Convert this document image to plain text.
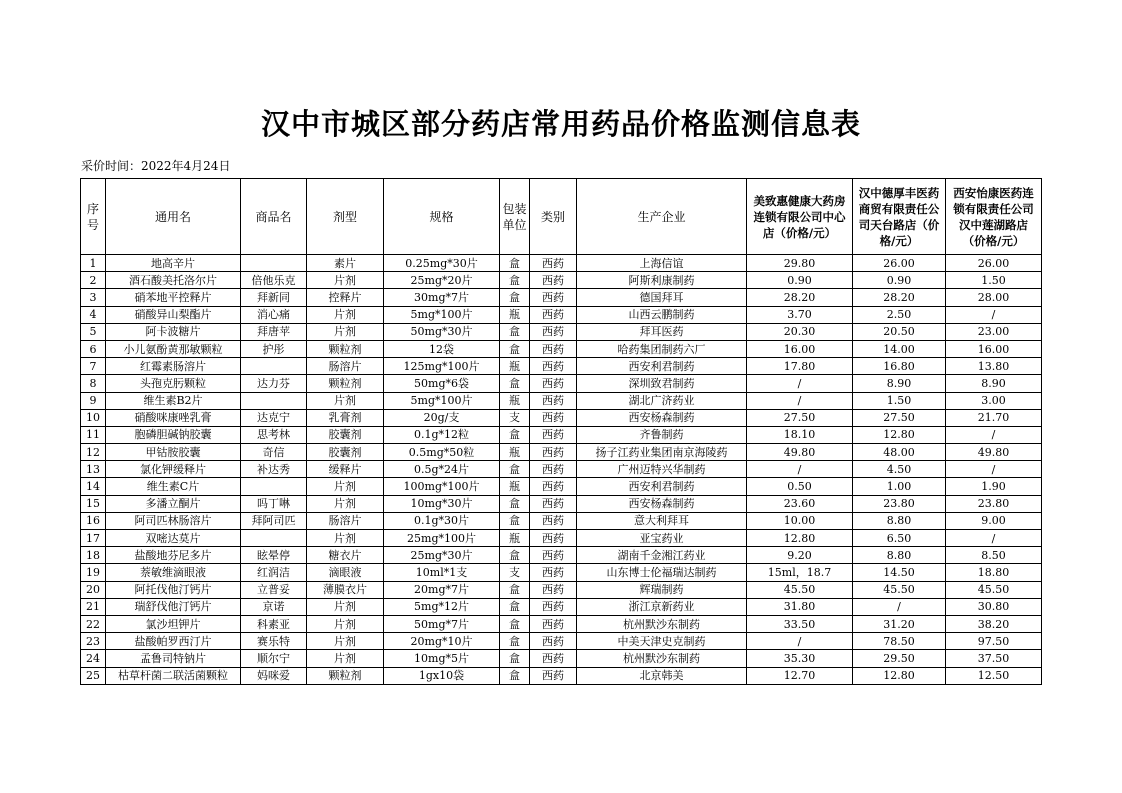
汉中市城区部分药店常用药品价格监测信息表
采价时间：2022年4月24日
序号	通用名	商品名	剂型	规格	包装单位	类别	生产企业	美致惠健康大药房连锁有限公司中心店（价格/元）	汉中德厚丰医药商贸有限责任公司天台路店（价格/元）	西安怡康医药连锁有限责任公司汉中莲湖路店（价格/元）
1	地高辛片		素片	0.25mg*30片	盒	西药	上海信谊	29.80	26.00	26.00
2	酒石酸美托洛尔片	倍他乐克	片剂	25mg*20片	盒	西药	阿斯利康制药	0.90	0.90	1.50
3	硝苯地平控释片	拜新同	控释片	30mg*7片	盒	西药	德国拜耳	28.20	28.20	28.00
4	硝酸异山梨酯片	消心痛	片剂	5mg*100片	瓶	西药	山西云鹏制药	3.70	2.50	/
5	阿卡波糖片	拜唐苹	片剂	50mg*30片	盒	西药	拜耳医药	20.30	20.50	23.00
6	小儿氨酚黄那敏颗粒	护彤	颗粒剂	12袋	盒	西药	哈药集团制药六厂	16.00	14.00	16.00
7	红霉素肠溶片		肠溶片	125mg*100片	瓶	西药	西安利君制药	17.80	16.80	13.80
8	头孢克肟颗粒	达力芬	颗粒剂	50mg*6袋	盒	西药	深圳致君制药	/	8.90	8.90
9	维生素B2片		片剂	5mg*100片	瓶	西药	湖北广济药业	/	1.50	3.00
10	硝酸咪康唑乳膏	达克宁	乳膏剂	20g/支	支	西药	西安杨森制药	27.50	27.50	21.70
11	胞磷胆碱钠胶囊	思考林	胶囊剂	0.1g*12粒	盒	西药	齐鲁制药	18.10	12.80	/
12	甲钴胺胶囊	奇信	胶囊剂	0.5mg*50粒	瓶	西药	扬子江药业集团南京海陵药	49.80	48.00	49.80
13	氯化钾缓释片	补达秀	缓释片	0.5g*24片	盒	西药	广州迈特兴华制药	/	4.50	/
14	维生素C片		片剂	100mg*100片	瓶	西药	西安利君制药	0.50	1.00	1.90
15	多潘立酮片	吗丁啉	片剂	10mg*30片	盒	西药	西安杨森制药	23.60	23.80	23.80
16	阿司匹林肠溶片	拜阿司匹	肠溶片	0.1g*30片	盒	西药	意大利拜耳	10.00	8.80	9.00
17	双嘧达莫片		片剂	25mg*100片	瓶	西药	亚宝药业	12.80	6.50	/
18	盐酸地芬尼多片	眩晕停	糖衣片	25mg*30片	盒	西药	湖南千金湘江药业	9.20	8.80	8.50
19	萘敏维滴眼液	红润洁	滴眼液	10ml*1支	支	西药	山东博士伦福瑞达制药	15ml，18.7	14.50	18.80
20	阿托伐他汀钙片	立普妥	薄膜衣片	20mg*7片	盒	西药	辉瑞制药	45.50	45.50	45.50
21	瑞舒伐他汀钙片	京诺	片剂	5mg*12片	盒	西药	浙江京新药业	31.80	/	30.80
22	氯沙坦钾片	科素亚	片剂	50mg*7片	盒	西药	杭州默沙东制药	33.50	31.20	38.20
23	盐酸帕罗西汀片	赛乐特	片剂	20mg*10片	盒	西药	中美天津史克制药	/	78.50	97.50
24	孟鲁司特钠片	顺尔宁	片剂	10mg*5片	盒	西药	杭州默沙东制药	35.30	29.50	37.50
25	枯草杆菌二联活菌颗粒	妈咪爱	颗粒剂	1gx10袋	盒	西药	北京韩美	12.70	12.80	12.50
